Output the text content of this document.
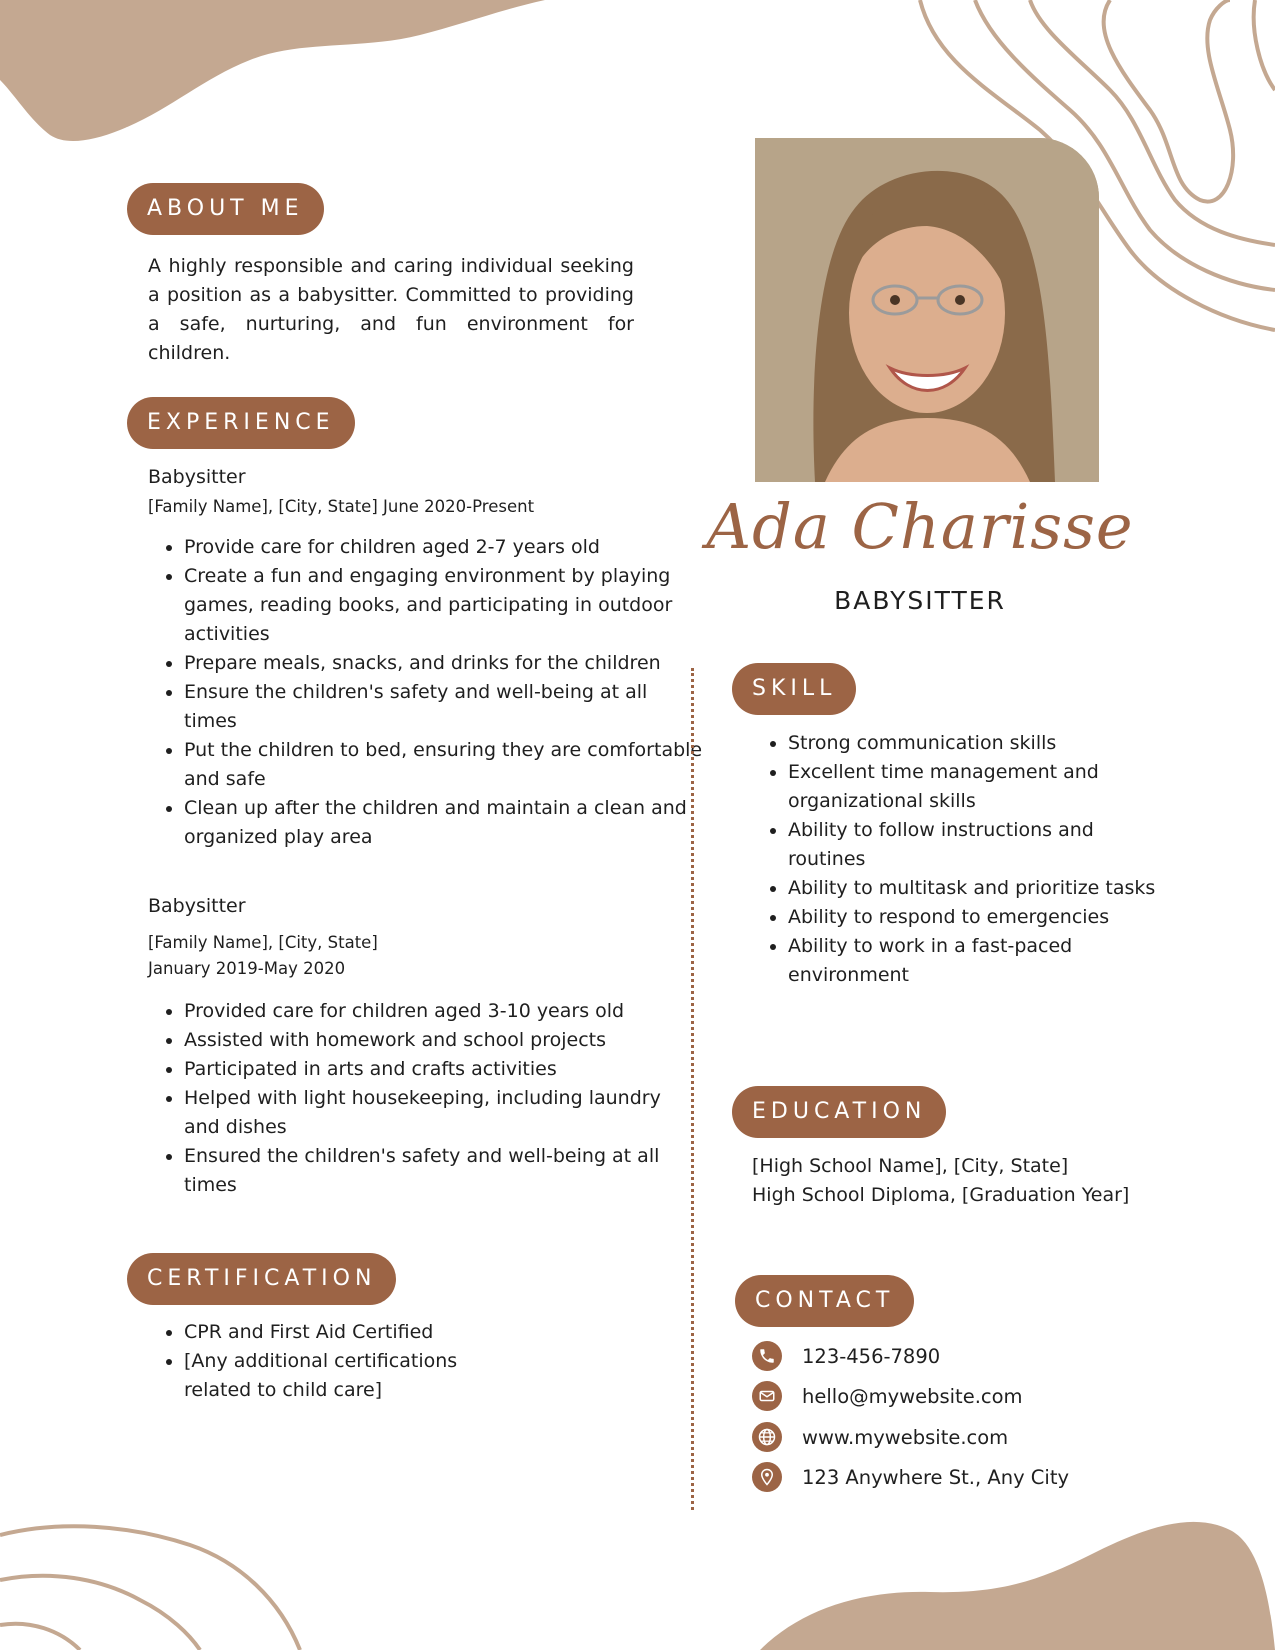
ABOUT ME
A highly responsible and caring individual seeking a position as a babysitter. Committed to providing a safe, nurturing, and fun environment for children.
EXPERIENCE
Babysitter
[Family Name], [City, State] June 2020-Present
• Provide care for children aged 2-7 years old
• Create a fun and engaging environment by playing games, reading books, and participating in outdoor activities
• Prepare meals, snacks, and drinks for the children
• Ensure the children's safety and well-being at all times
• Put the children to bed, ensuring they are comfortable and safe
• Clean up after the children and maintain a clean and organized play area
Babysitter
[Family Name], [City, State]
January 2019-May 2020
• Provided care for children aged 3-10 years old
• Assisted with homework and school projects
• Participated in arts and crafts activities
• Helped with light housekeeping, including laundry and dishes
• Ensured the children's safety and well-being at all times
CERTIFICATION
• CPR and First Aid Certified
• [Any additional certifications related to child care]
Ada Charisse
BABYSITTER
SKILL
• Strong communication skills
• Excellent time management and organizational skills
• Ability to follow instructions and routines
• Ability to multitask and prioritize tasks
• Ability to respond to emergencies
• Ability to work in a fast-paced environment
EDUCATION
[High School Name], [City, State]
High School Diploma, [Graduation Year]
CONTACT
123-456-7890
hello@mywebsite.com
www.mywebsite.com
123 Anywhere St., Any City
